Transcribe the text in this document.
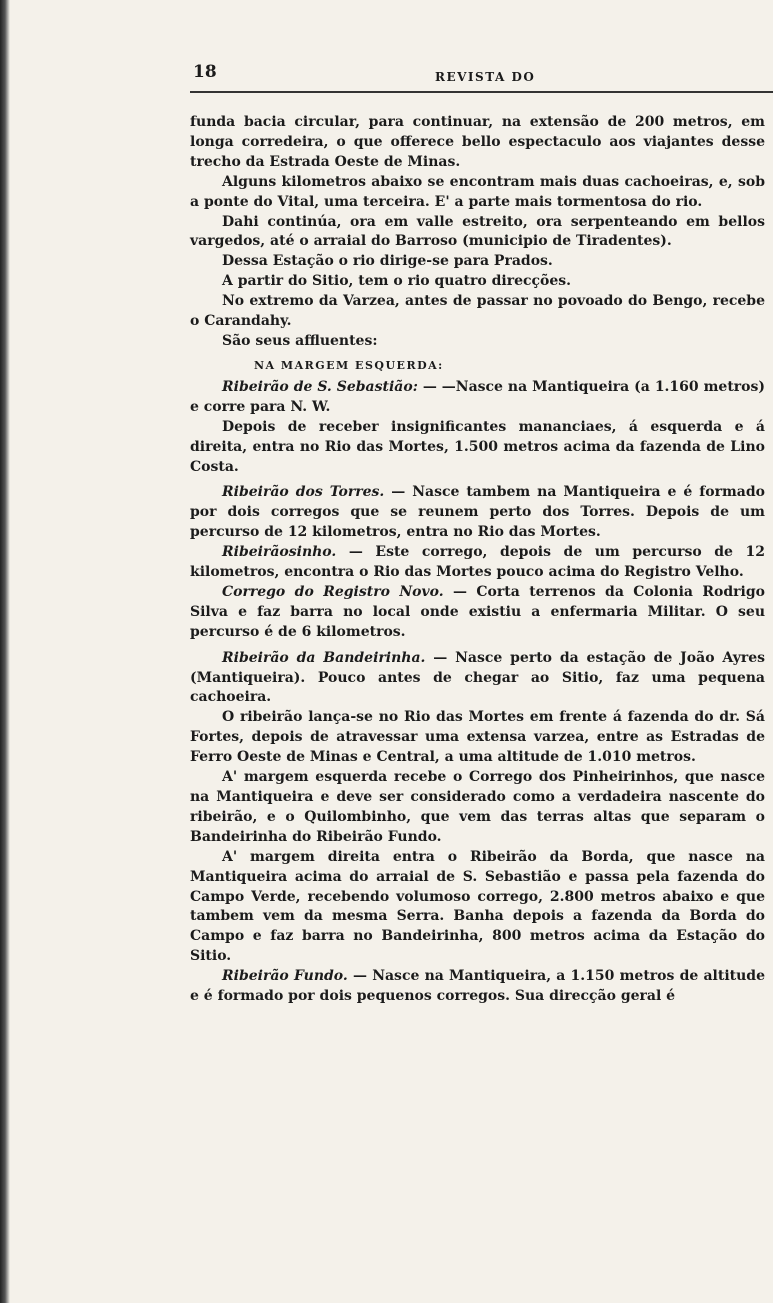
18	REVISTA DO

funda bacia circular, para continuar, na extensão de 200 metros, em longa corredeira, o que offerece bello espectaculo aos viajantes desse trecho da Estrada Oeste de Minas.

Alguns kilometros abaixo se encontram mais duas cachoeiras, e, sob a ponte do Vital, uma terceira. E' a parte mais tormentosa do rio.

Dahi continúa, ora em valle estreito, ora serpenteando em bellos vargedos, até o arraial do Barroso (municipio de Tiradentes).

Dessa Estação o rio dirige-se para Prados.

A partir do Sitio, tem o rio quatro direcções.

No extremo da Varzea, antes de passar no povoado do Bengo, recebe o Carandahy.

São seus affluentes:

NA MARGEM ESQUERDA:

Ribeirão de S. Sebastião: — —Nasce na Mantiqueira (a 1.160 metros) e corre para N. W.

Depois de receber insignificantes mananciaes, á esquerda e á direita, entra no Rio das Mortes, 1.500 metros acima da fazenda de Lino Costa.

Ribeirão dos Torres. — Nasce tambem na Mantiqueira e é formado por dois corregos que se reunem perto dos Torres. Depois de um percurso de 12 kilometros, entra no Rio das Mortes.

Ribeirãosinho. — Este corrego, depois de um percurso de 12 kilometros, encontra o Rio das Mortes pouco acima do Registro Velho.

Corrego do Registro Novo. — Corta terrenos da Colonia Rodrigo Silva e faz barra no local onde existiu a enfermaria Militar. O seu percurso é de 6 kilometros.

Ribeirão da Bandeirinha. — Nasce perto da estação de João Ayres (Mantiqueira). Pouco antes de chegar ao Sitio, faz uma pequena cachoeira.

O ribeirão lança-se no Rio das Mortes em frente á fazenda do dr. Sá Fortes, depois de atravessar uma extensa varzea, entre as Estradas de Ferro Oeste de Minas e Central, a uma altitude de 1.010 metros.

A' margem esquerda recebe o Corrego dos Pinheirinhos, que nasce na Mantiqueira e deve ser considerado como a verdadeira nascente do ribeirão, e o Quilombinho, que vem das terras altas que separam o Bandeirinha do Ribeirão Fundo.

A' margem direita entra o Ribeirão da Borda, que nasce na Mantiqueira acima do arraial de S. Sebastião e passa pela fazenda do Campo Verde, recebendo volumoso corrego, 2.800 metros abaixo e que tambem vem da mesma Serra. Banha depois a fazenda da Borda do Campo e faz barra no Bandeirinha, 800 metros acima da Estação do Sitio.

Ribeirão Fundo. — Nasce na Mantiqueira, a 1.150 metros de altitude e é formado por dois pequenos corregos. Sua direcção geral é
